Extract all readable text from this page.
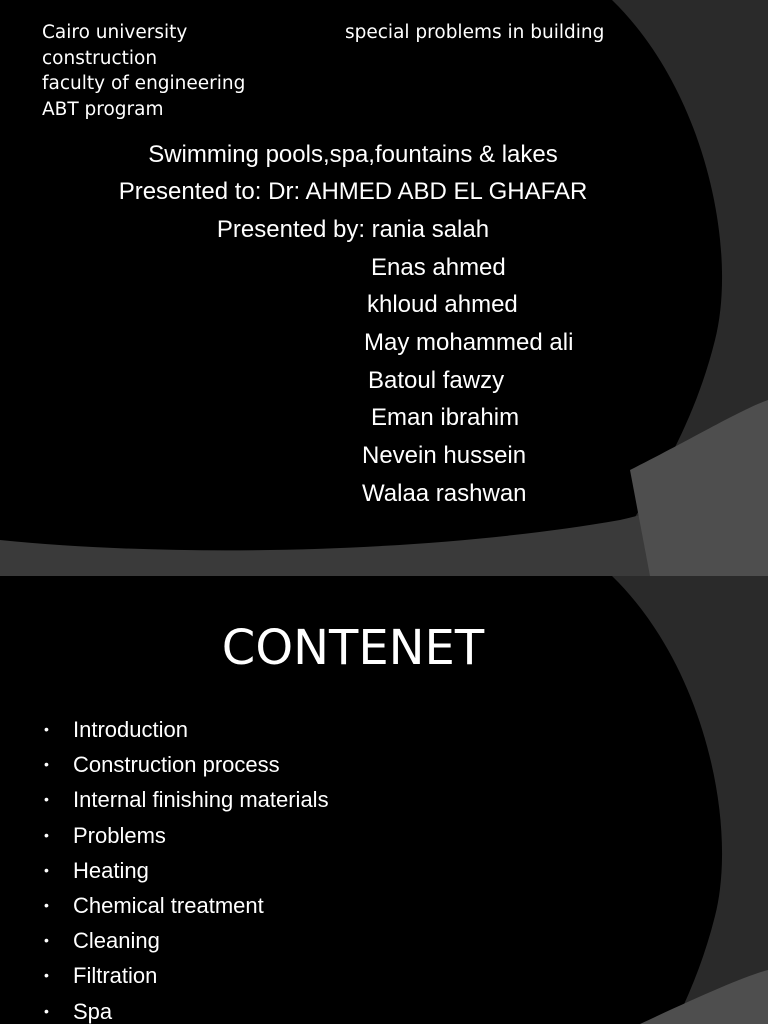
Cairo university
construction
faculty of engineering
ABT program
special problems in building
Swimming pools,spa,fountains & lakes
Presented to: Dr: AHMED ABD EL GHAFAR
Presented by: rania salah
Enas ahmed
khloud ahmed
May mohammed ali
Batoul fawzy
Eman ibrahim
Nevein hussein
Walaa rashwan
CONTENET
• Introduction
• Construction process
• Internal finishing materials
• Problems
• Heating
• Chemical treatment
• Cleaning
• Filtration
• Spa
